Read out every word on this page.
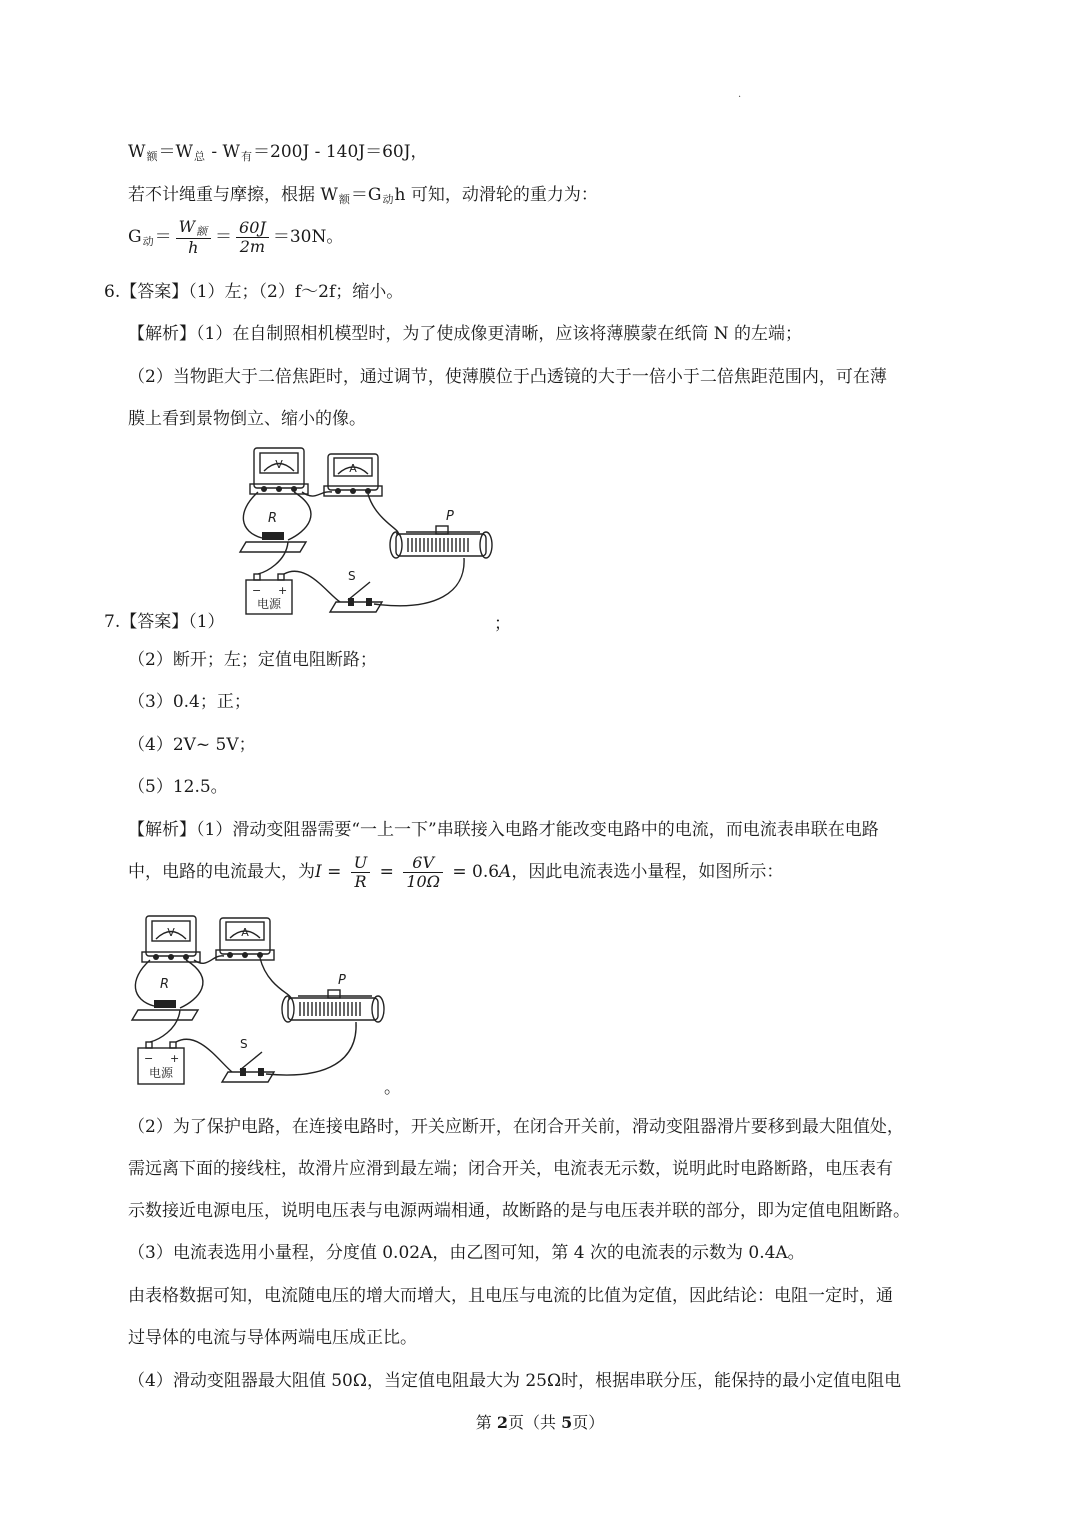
·
W额＝W总 - W有＝200J - 140J＝60J，
若不计绳重与摩擦，根据 W额＝G动h 可知，动滑轮的重力为：
G动＝ $\frac{\text{W额}}{h} = \frac{60J}{2m} =30N$。
6.【答案】（1）左；（2）f～2f；缩小。
【解析】（1）在自制照相机模型时，为了使成像更清晰，应该将薄膜蒙在纸筒 N 的左端；
（2）当物距大于二倍焦距时，通过调节，使薄膜位于凸透镜的大于一倍小于二倍焦距范围内，可在薄
膜上看到景物倒立、缩小的像。
V	A
R	P
S
− +
电源
7.【答案】（1）	；
（2）断开；左；定值电阻断路；
（3）0.4；正；
（4）2V~ 5V；
（5）12.5。
【解析】（1）滑动变阻器需要“一上一下”串联接入电路才能改变电路中的电流，而电流表串联在电路
中，电路的电流最大，为$I = \frac{U}{R} = \frac{6V}{10\Omega} = 0.6A$，因此电流表选小量程，如图所示：
V	A
R	P
S
− +
电源
。
（2）为了保护电路，在连接电路时，开关应断开，在闭合开关前，滑动变阻器滑片要移到最大阻值处，
需远离下面的接线柱，故滑片应滑到最左端；闭合开关，电流表无示数，说明此时电路断路，电压表有
示数接近电源电压，说明电压表与电源两端相通，故断路的是与电压表并联的部分，即为定值电阻断路。
（3）电流表选用小量程，分度值 0.02A，由乙图可知，第 4 次的电流表的示数为 0.4A。
由表格数据可知，电流随电压的增大而增大，且电压与电流的比值为定值，因此结论：电阻一定时，通
过导体的电流与导体两端电压成正比。
（4）滑动变阻器最大阻值 50Ω，当定值电阻最大为 25Ω时，根据串联分压，能保持的最小定值电阻电
第 2页（共 5页）
